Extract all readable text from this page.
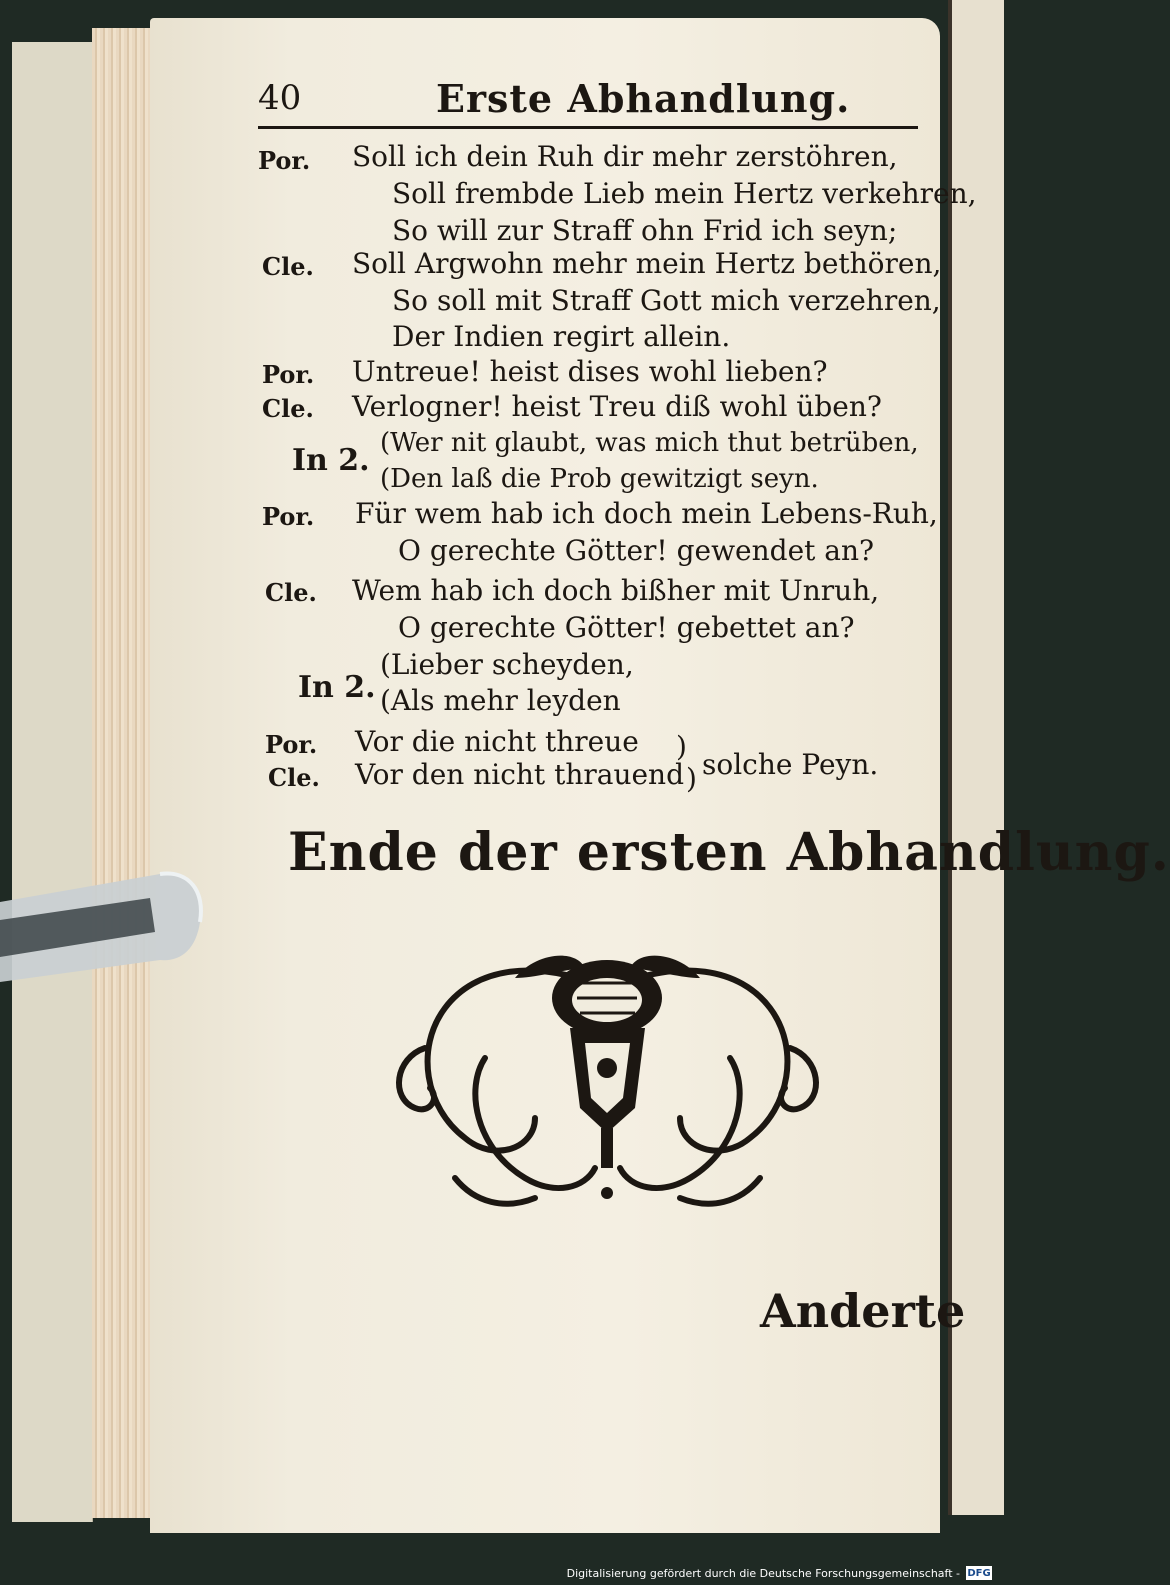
40	Erste Abhandlung.
Por. Soll ich dein Ruh dir mehr zerstöhren,
Soll frembde Lieb mein Hertz verkehren,
So will zur Straff ohn Frid ich seyn;
Cle. Soll Argwohn mehr mein Hertz bethören,
So soll mit Straff Gott mich verzehren,
Der Indien regirt allein.
Por. Untreue! heist dises wohl lieben?
Cle. Verlogner! heist Treu diß wohl üben?
In 2. (Wer nit glaubt, was mich thut betrüben,
(Den laß die Prob gewitzigt seyn.
Por. Für wem hab ich doch mein Lebens-Ruh,
O gerechte Götter! gewendet an?
Cle. Wem hab ich doch bißher mit Unruh,
O gerechte Götter! gebettet an?
In 2.
(Lieber scheyden,
(Als mehr leyden
Por. Vor die nicht threue
Cle. Vor den nicht thrauend
)
) solche Peyn.
Ende der ersten Abhandlung.
Anderte
Digitalisierung gefördert durch die Deutsche Forschungsgemeinschaft - DFG
